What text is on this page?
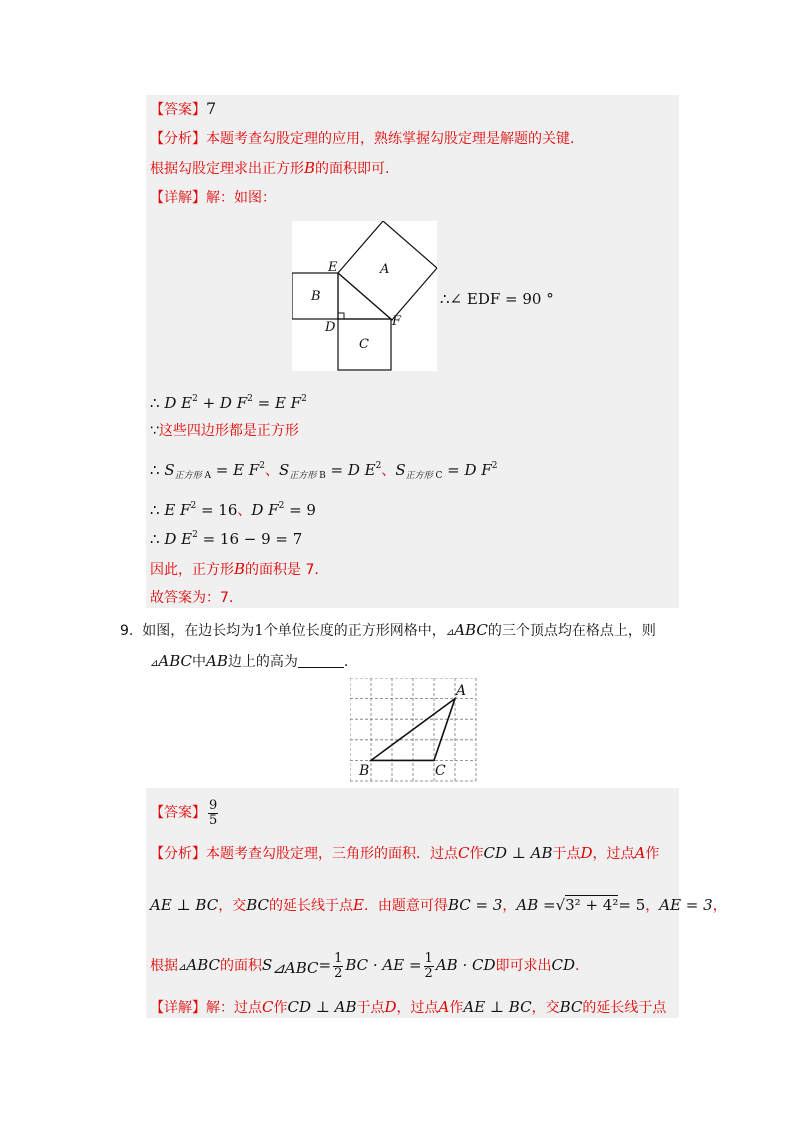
【答案】7
【分析】本题考查勾股定理的应用，熟练掌握勾股定理是解题的关键.
根据勾股定理求出正方形B的面积即可.
【详解】解：如图：
A
B
C
D
E
F
∴∠ EDF = 90 °
∴ D $E^2 + D$ $F^2 = E$ $F^2$
∵这些四边形都是正方形
∴ $S_{正方形 A} = E$ $F^2$、$S_{正方形 B} = D$ $E^2$、$S_{正方形 C} = D$ $F^2$
∴ E $F^2 = 16$、D $F^2 = 9$
∴ D $E^2 = 16 - 9 = 7$
因此，正方形B的面积是 7.
故答案为：7.
9. 如图，在边长均为1个单位长度的正方形网格中，⊿ABC的三个顶点均在格点上，则
⊿ABC中AB边上的高为	.
A
B	C
【答案】 $\frac{9}{5}$
【分析】本题考查勾股定理，三角形的面积．过点C作CD ⊥ AB于点D，过点A作
AE ⊥ BC，交BC的延长线于点E．由题意可得BC = 3，AB =√3² + 4²= 5，AE = 3，
根据⊿ABC的面积$S_{⊿ABC}= \frac{1}{2}$ BC · AE = $\frac{1}{2}$ AB · CD即可求出CD.
【详解】解：过点C作CD ⊥ AB于点D，过点A作AE ⊥ BC，交BC的延长线于点
